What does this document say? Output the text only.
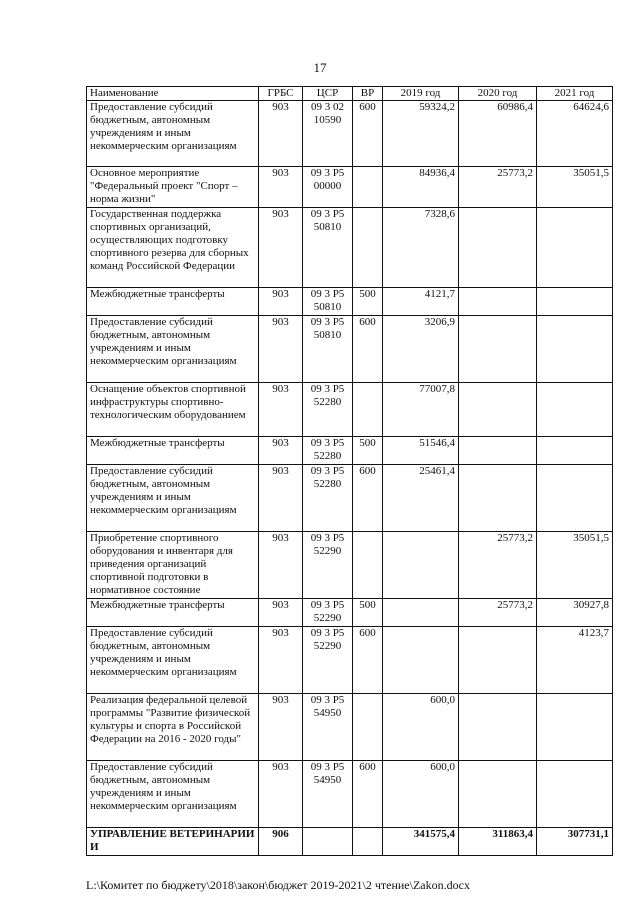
17
Наименование	ГРБС	ЦСР	ВР	2019 год	2020 год	2021 год
Предоставление субсидий бюджетным, автономным учреждениям и иным некоммерческим организациям	903	09 3 02 10590	600	59324,2	60986,4	64624,6
Основное мероприятие "Федеральный проект "Спорт – норма жизни"	903	09 3 Р5 00000		84936,4	25773,2	35051,5
Государственная поддержка спортивных организаций, осуществляющих подготовку спортивного резерва для сборных команд Российской Федерации	903	09 3 Р5 50810		7328,6		
Межбюджетные трансферты	903	09 3 Р5 50810	500	4121,7		
Предоставление субсидий бюджетным, автономным учреждениям и иным некоммерческим организациям	903	09 3 Р5 50810	600	3206,9		
Оснащение объектов спортивной инфраструктуры спортивно-технологическим оборудованием	903	09 3 Р5 52280		77007,8		
Межбюджетные трансферты	903	09 3 Р5 52280	500	51546,4		
Предоставление субсидий бюджетным, автономным учреждениям и иным некоммерческим организациям	903	09 3 Р5 52280	600	25461,4		
Приобретение спортивного оборудования и инвентаря для приведения организаций спортивной подготовки в нормативное состояние	903	09 3 Р5 52290			25773,2	35051,5
Межбюджетные трансферты	903	09 3 Р5 52290	500		25773,2	30927,8
Предоставление субсидий бюджетным, автономным учреждениям и иным некоммерческим организациям	903	09 3 Р5 52290	600			4123,7
Реализация федеральной целевой программы "Развитие физической культуры и спорта в Российской Федерации на 2016 - 2020 годы"	903	09 3 Р5 54950		600,0		
Предоставление субсидий бюджетным, автономным учреждениям и иным некоммерческим организациям	903	09 3 Р5 54950	600	600,0		
УПРАВЛЕНИЕ ВЕТЕРИНАРИИ И	906			341575,4	311863,4	307731,1
L:\Комитет по бюджету\2018\закон\бюджет 2019-2021\2 чтение\Zakon.docx
